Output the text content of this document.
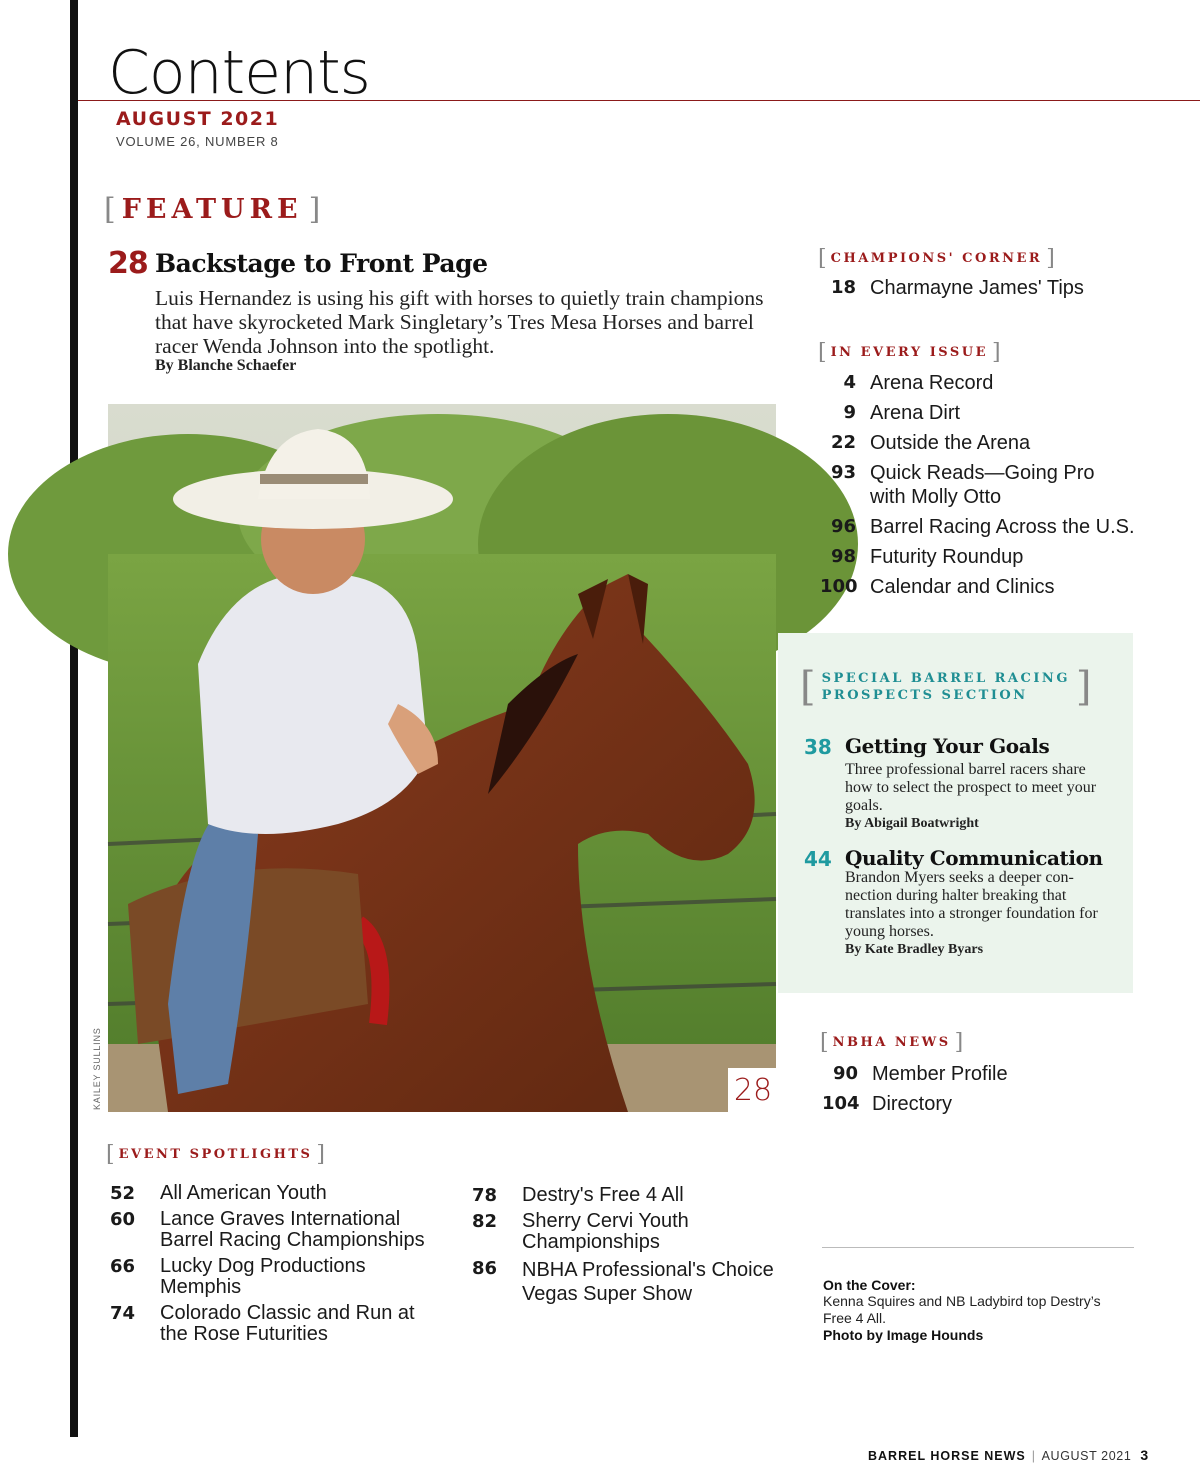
Contents
AUGUST 2021
VOLUME 26, NUMBER 8
[ FEATURE ]
28 Backstage to Front Page

Luis Hernandez is using his gift with horses to quietly train champions that have skyrocketed Mark Singletary’s Tres Mesa Horses and barrel racer Wenda Johnson into the spotlight.

By Blanche Schaefer
28
KAILEY SULLINS
[ CHAMPIONS' CORNER ]
18 Charmayne James' Tips
[ IN EVERY ISSUE ]
4 Arena Record
9 Arena Dirt
22 Outside the Arena
93 Quick Reads—Going Pro with Molly Otto
96 Barrel Racing Across the U.S.
98 Futurity Roundup
100 Calendar and Clinics
[ SPECIAL BARREL RACING
PROSPECTS SECTION	]
38 Getting Your Goals
Three professional barrel racers share how to select the prospect to meet your goals.
By Abigail Boatwright
44 Quality Communication
Brandon Myers seeks a deeper con-nection during halter breaking that translates into a stronger foundation for young horses.
By Kate Bradley Byars
[ NBHA NEWS ]
90 Member Profile
104 Directory
[ EVENT SPOTLIGHTS ]
52	All American Youth
60	Lance Graves International Barrel Racing Championships
66	Lucky Dog Productions Memphis
74	Colorado Classic and Run at the Rose Futurities
78	Destry's Free 4 All
82	Sherry Cervi Youth Championships
86	NBHA Professional's Choice Vegas Super Show	On the Cover:
Kenna Squires and NB Ladybird top Destry’s Free 4 All.
Photo by Image Hounds
BARREL HORSE NEWS | AUGUST 2021 3
